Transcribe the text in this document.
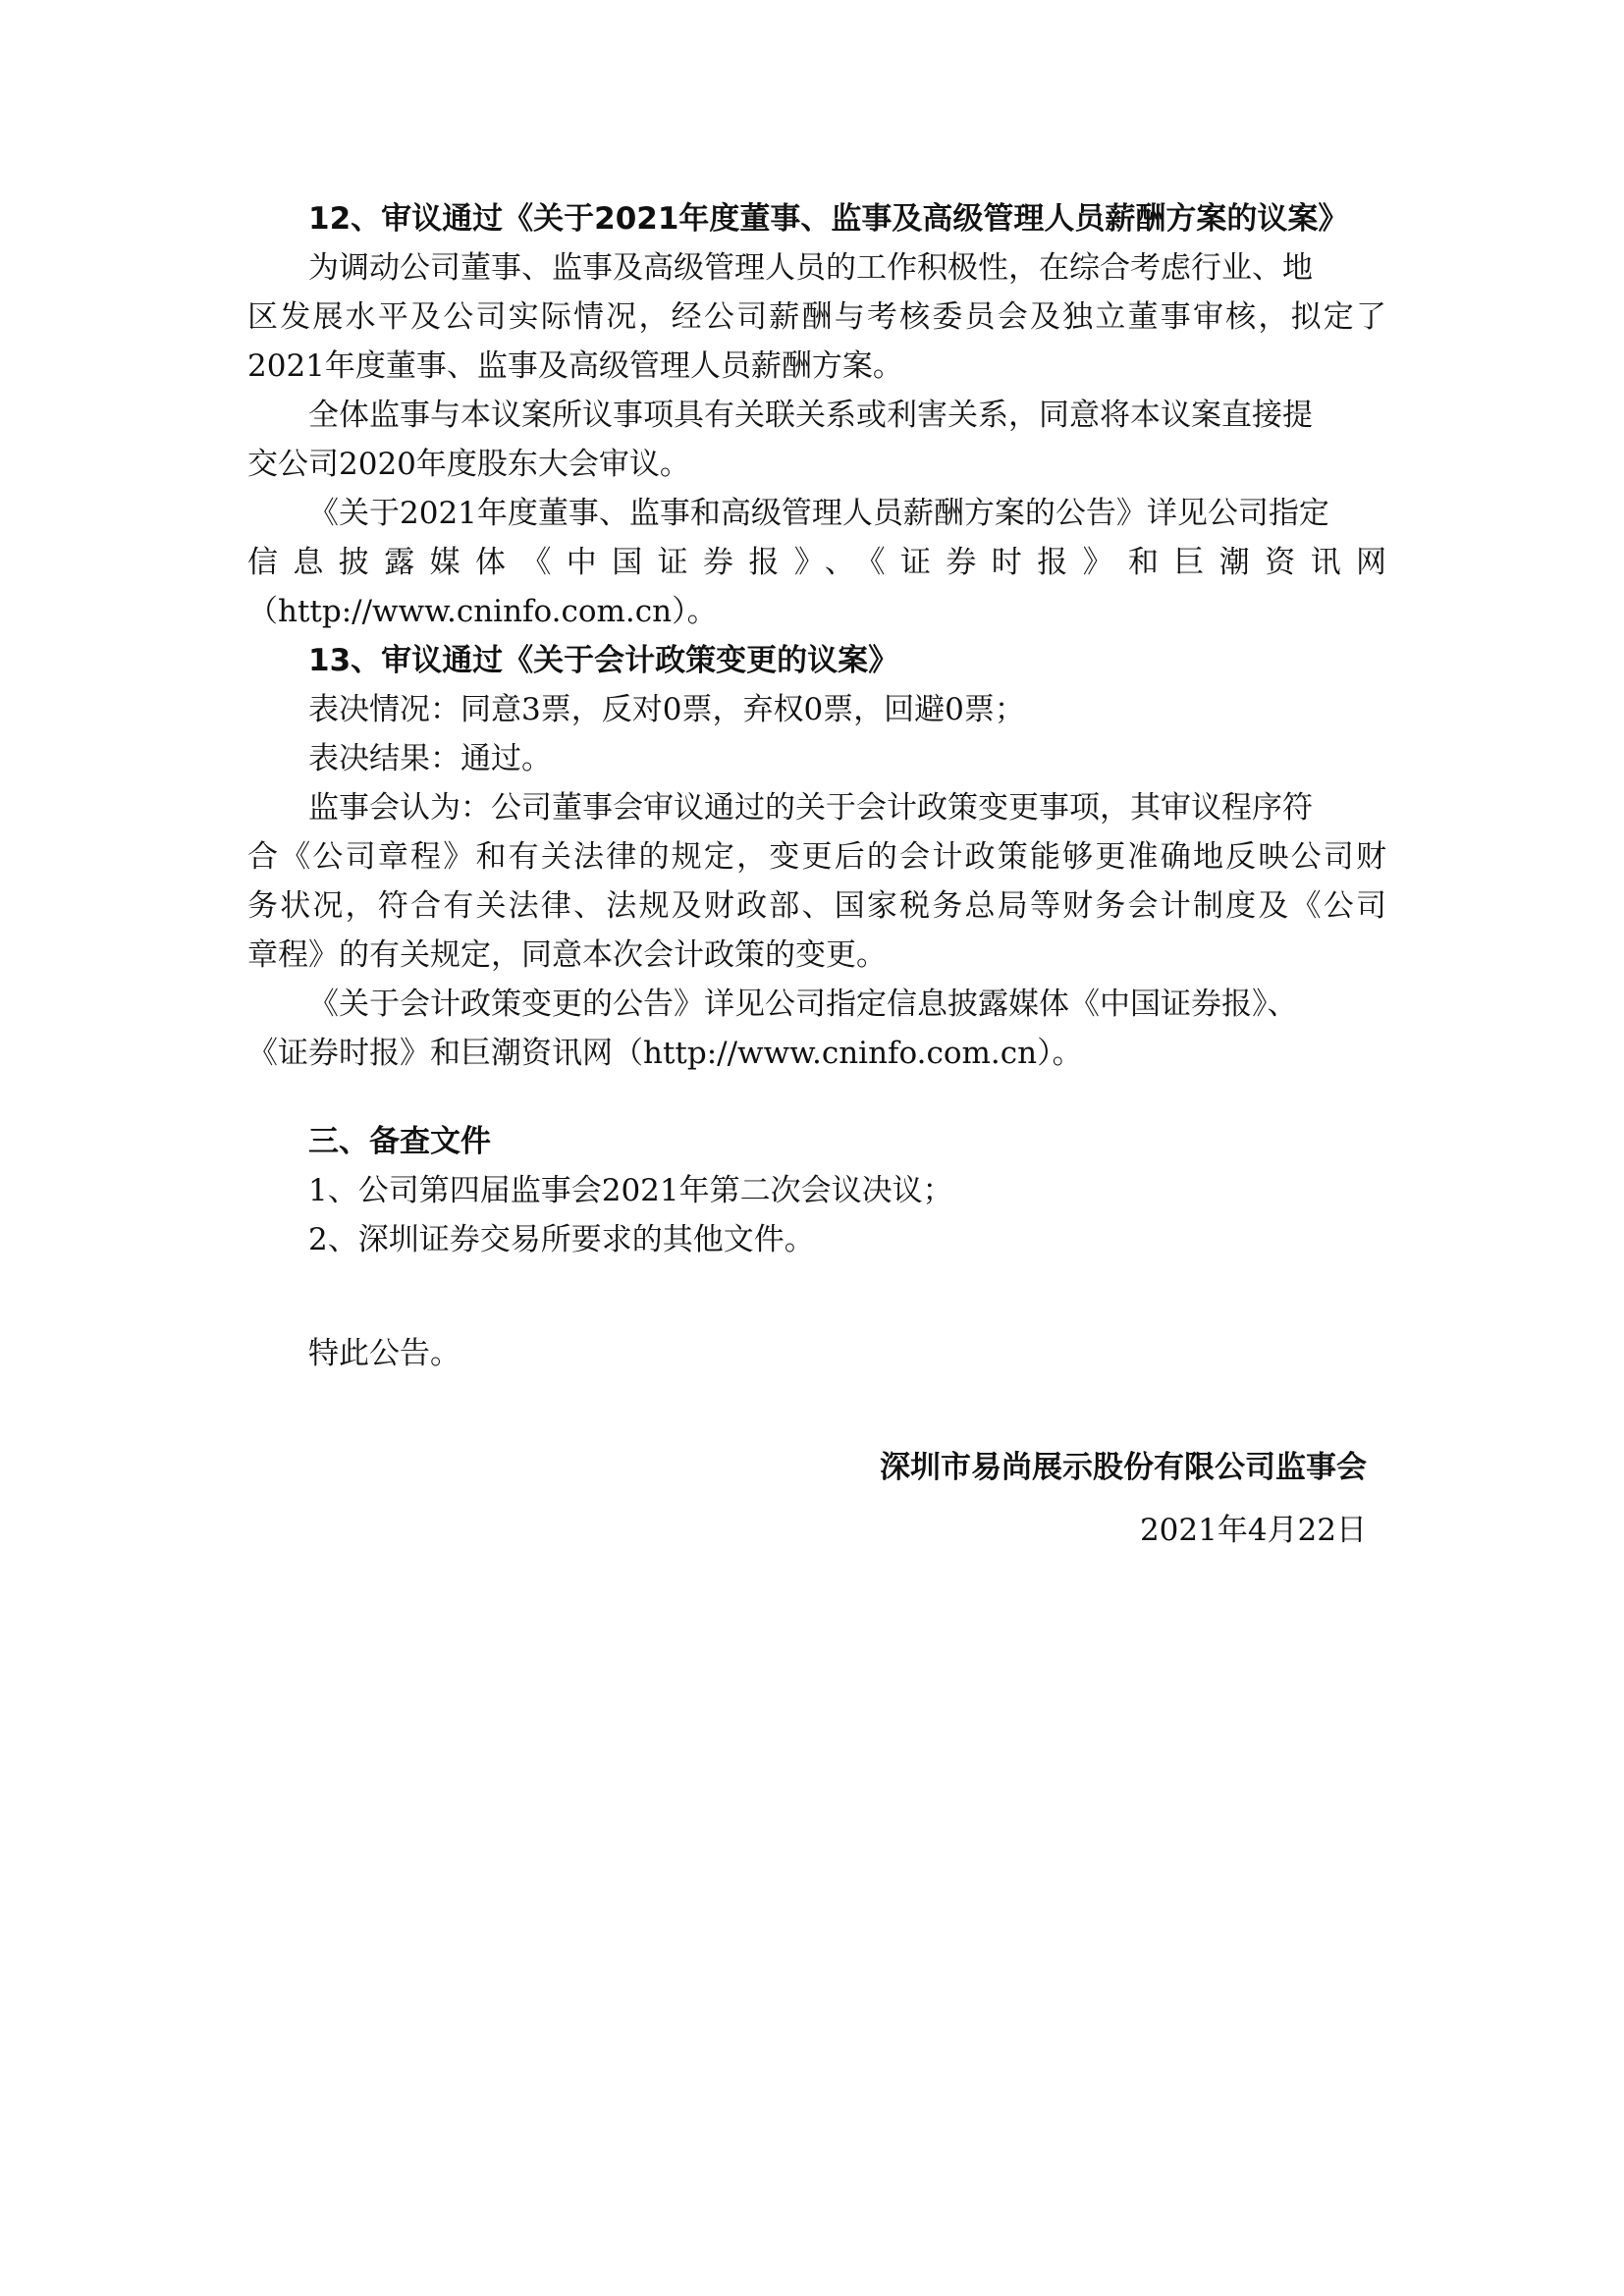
12、审议通过《关于2021年度董事、监事及高级管理人员薪酬方案的议案》
为调动公司董事、监事及高级管理人员的工作积极性，在综合考虑行业、地
区发展水平及公司实际情况，经公司薪酬与考核委员会及独立董事审核，拟定了
2021年度董事、监事及高级管理人员薪酬方案。
全体监事与本议案所议事项具有关联关系或利害关系，同意将本议案直接提
交公司2020年度股东大会审议。
《关于2021年度董事、监事和高级管理人员薪酬方案的公告》详见公司指定
信息披露媒体《中国证券报》、《证券时报》和巨潮资讯网
（http://www.cninfo.com.cn）。
13、审议通过《关于会计政策变更的议案》
表决情况：同意3票，反对0票，弃权0票，回避0票；
表决结果：通过。
监事会认为：公司董事会审议通过的关于会计政策变更事项，其审议程序符
合《公司章程》和有关法律的规定，变更后的会计政策能够更准确地反映公司财
务状况，符合有关法律、法规及财政部、国家税务总局等财务会计制度及《公司
章程》的有关规定，同意本次会计政策的变更。
《关于会计政策变更的公告》详见公司指定信息披露媒体《中国证券报》、
《证券时报》和巨潮资讯网（http://www.cninfo.com.cn）。
三、备查文件
1、公司第四届监事会2021年第二次会议决议；
2、深圳证券交易所要求的其他文件。
特此公告。
深圳市易尚展示股份有限公司监事会
2021年4月22日
